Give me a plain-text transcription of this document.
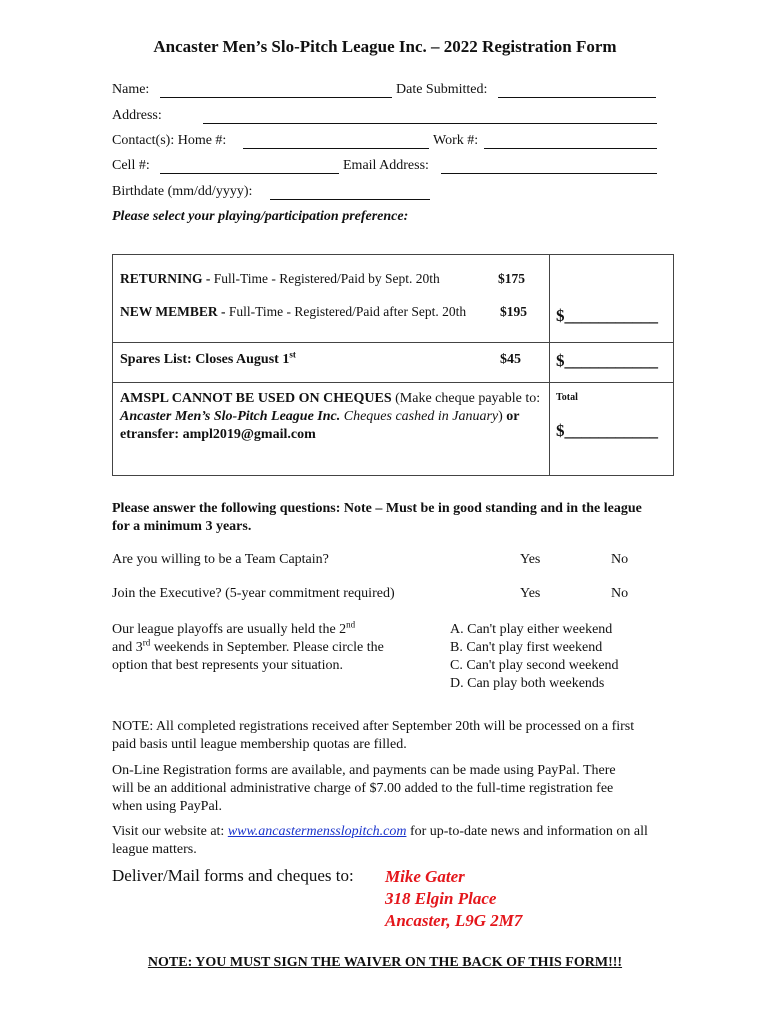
Ancaster Men’s Slo-Pitch League Inc. – 2022 Registration Form
Name:	Date Submitted:
Address:
Contact(s): Home #:	Work #:
Cell #:	Email Address:
Birthdate (mm/dd/yyyy):
Please select your playing/participation preference:
RETURNING - Full-Time - Registered/Paid by Sept. 20th $175
NEW MEMBER - Full-Time - Registered/Paid after Sept. 20th $195	$___________

Spares List: Closes August 1st $45	$___________

AMSPL CANNOT BE USED ON CHEQUES (Make cheque payable to: Ancaster Men’s Slo-Pitch League Inc. Cheques cashed in January) or etransfer: ampl2019@gmail.com	Total
$___________
Please answer the following questions: Note – Must be in good standing and in the league for a minimum 3 years.
Are you willing to be a Team Captain?	Yes	No
Join the Executive? (5-year commitment required)	Yes	No
Our league playoffs are usually held the 2nd
and 3rd weekends in September. Please circle the option that best represents your situation.
A. Can't play either weekend
B. Can't play first weekend
C. Can't play second weekend
D. Can play both weekends
NOTE: All completed registrations received after September 20th will be processed on a first paid basis until league membership quotas are filled.
On-Line Registration forms are available, and payments can be made using PayPal. There will be an additional administrative charge of $7.00 added to the full-time registration fee when using PayPal.
Visit our website at: www.ancastermensslopitch.com for up-to-date news and information on all league matters.
Deliver/Mail forms and cheques to: Mike Gater
318 Elgin Place
Ancaster, L9G 2M7
NOTE: YOU MUST SIGN THE WAIVER ON THE BACK OF THIS FORM!!!
